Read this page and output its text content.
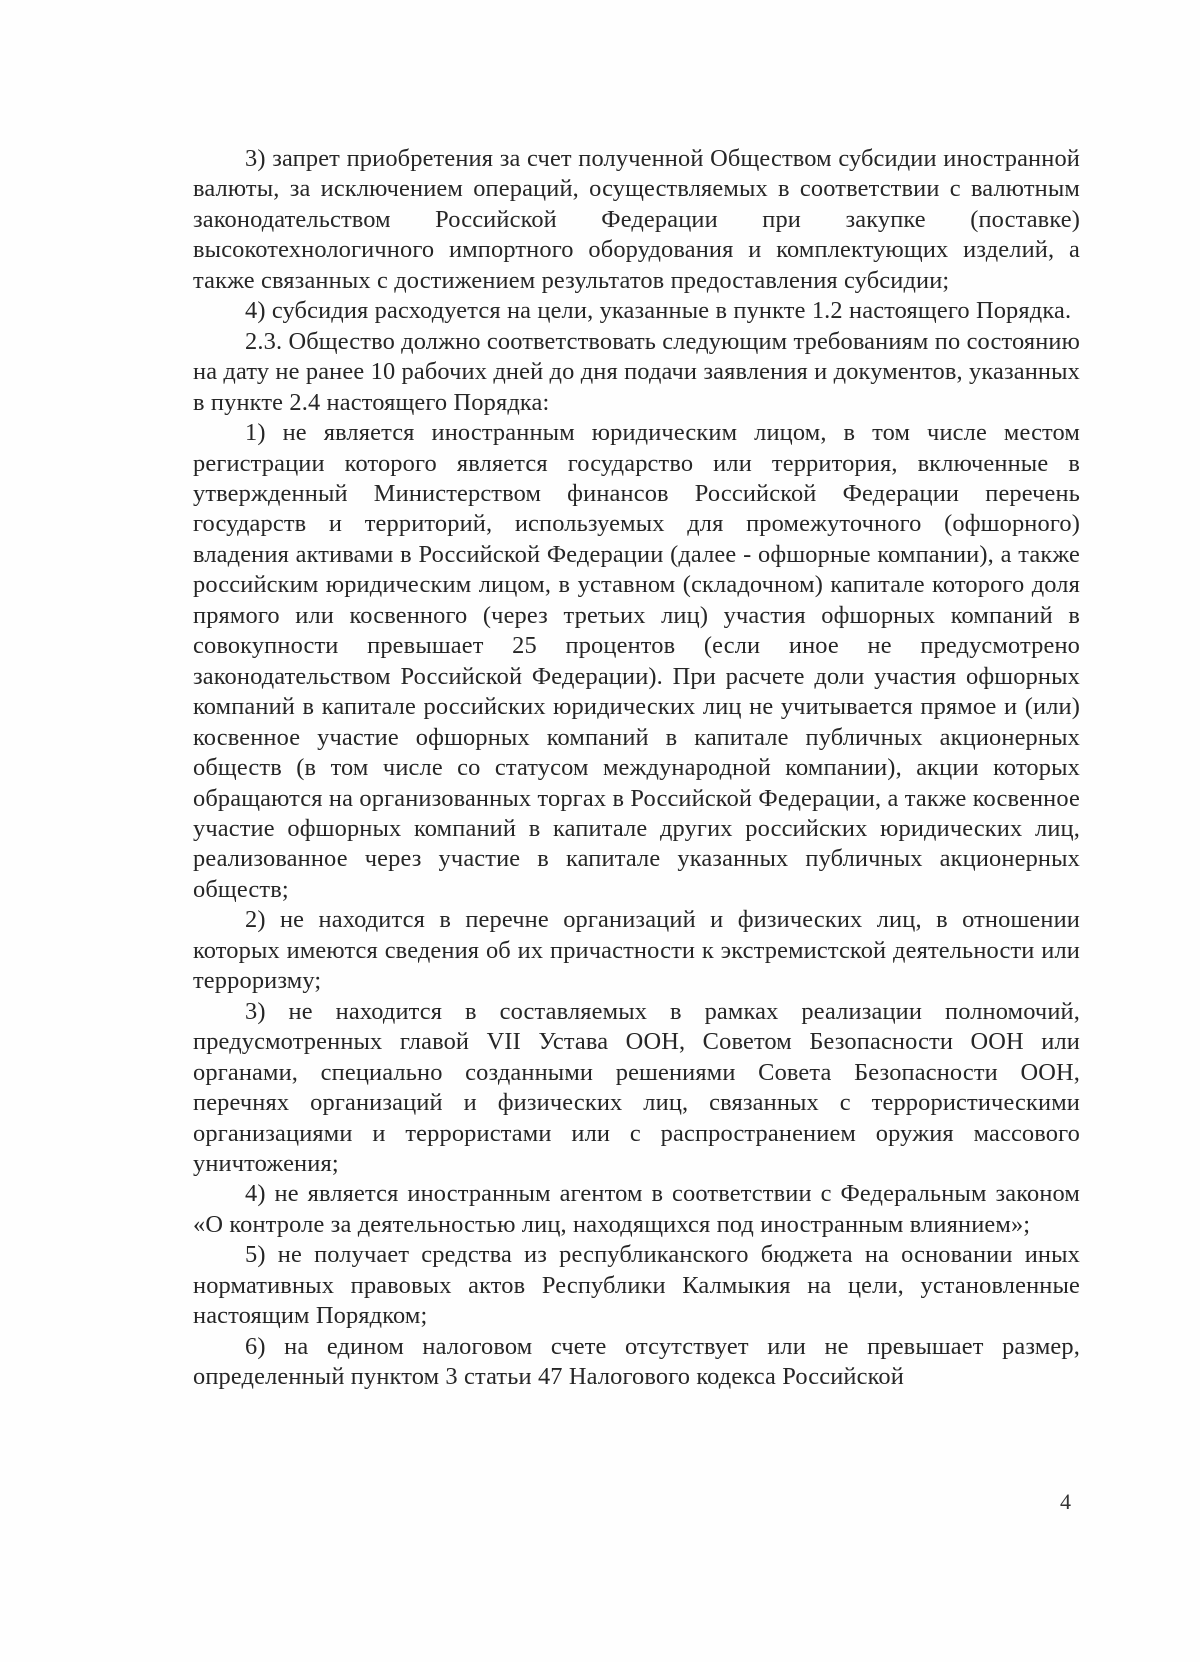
3) запрет приобретения за счет полученной Обществом субсидии иностранной валюты, за исключением операций, осуществляемых в соответствии с валютным законодательством Российской Федерации при закупке (поставке) высокотехнологичного импортного оборудования и комплектующих изделий, а также связанных с достижением результатов предоставления субсидии;

4) субсидия расходуется на цели, указанные в пункте 1.2 настоящего Порядка.

2.3. Общество должно соответствовать следующим требованиям по состоянию на дату не ранее 10 рабочих дней до дня подачи заявления и документов, указанных в пункте 2.4 настоящего Порядка:

1) не является иностранным юридическим лицом, в том числе местом регистрации которого является государство или территория, включенные в утвержденный Министерством финансов Российской Федерации перечень государств и территорий, используемых для промежуточного (офшорного) владения активами в Российской Федерации (далее - офшорные компании), а также российским юридическим лицом, в уставном (складочном) капитале которого доля прямого или косвенного (через третьих лиц) участия офшорных компаний в совокупности превышает 25 процентов (если иное не предусмотрено законодательством Российской Федерации). При расчете доли участия офшорных компаний в капитале российских юридических лиц не учитывается прямое и (или) косвенное участие офшорных компаний в капитале публичных акционерных обществ (в том числе со статусом международной компании), акции которых обращаются на организованных торгах в Российской Федерации, а также косвенное участие офшорных компаний в капитале других российских юридических лиц, реализованное через участие в капитале указанных публичных акционерных обществ;

2) не находится в перечне организаций и физических лиц, в отношении которых имеются сведения об их причастности к экстремистской деятельности или терроризму;

3) не находится в составляемых в рамках реализации полномочий, предусмотренных главой VII Устава ООН, Советом Безопасности ООН или органами, специально созданными решениями Совета Безопасности ООН, перечнях организаций и физических лиц, связанных с террористическими организациями и террористами или с распространением оружия массового уничтожения;

4) не является иностранным агентом в соответствии с Федеральным законом «О контроле за деятельностью лиц, находящихся под иностранным влиянием»;

5) не получает средства из республиканского бюджета на основании иных нормативных правовых актов Республики Калмыкия на цели, установленные настоящим Порядком;

6) на едином налоговом счете отсутствует или не превышает размер, определенный пунктом 3 статьи 47 Налогового кодекса Российской

4
